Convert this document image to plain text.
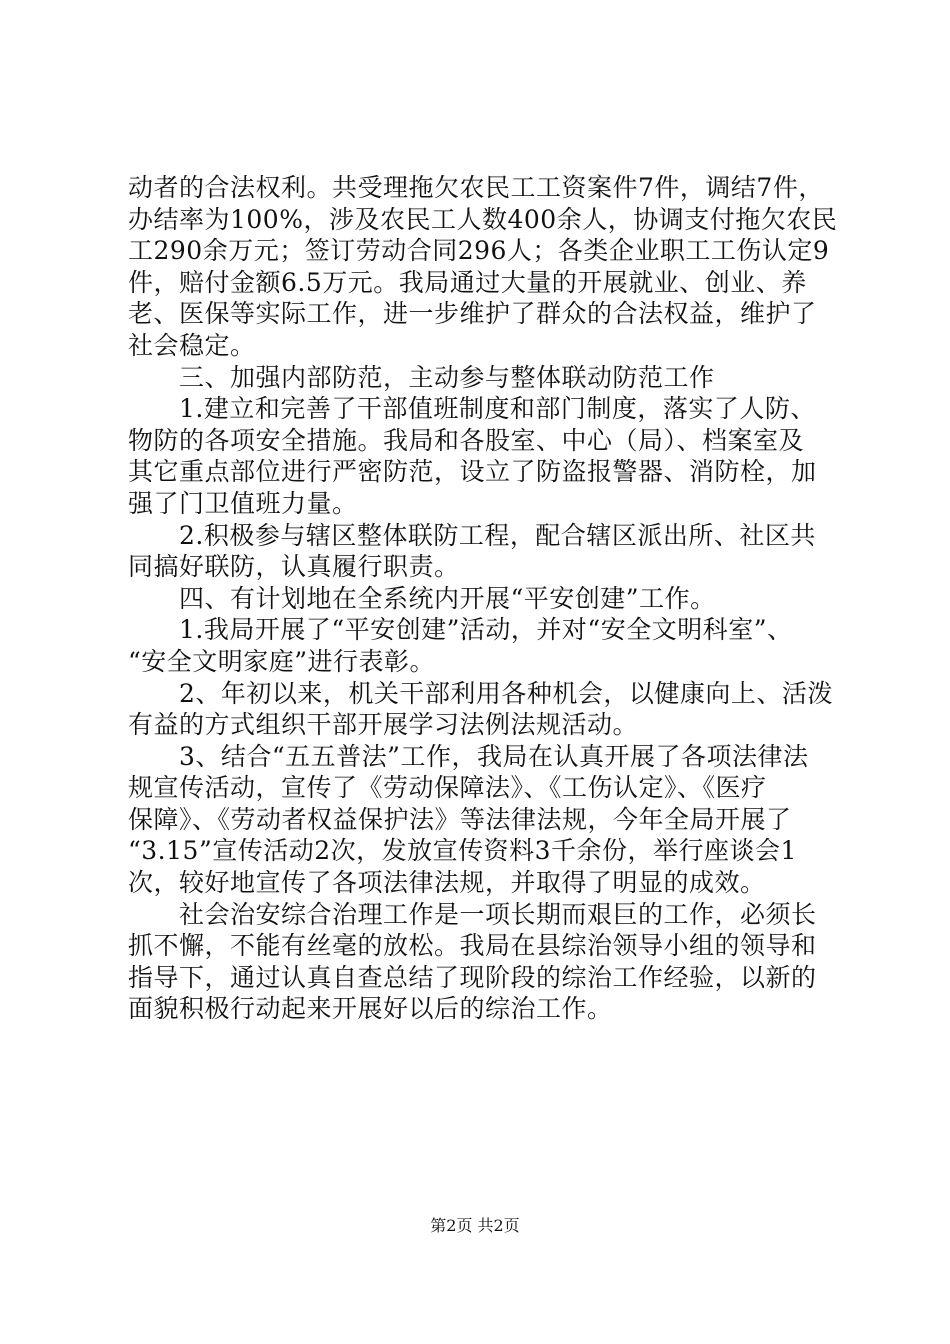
动者的合法权利。共受理拖欠农民工工资案件7件，调结7件，
办结率为100%，涉及农民工人数400余人，协调支付拖欠农民
工290余万元；签订劳动合同296人；各类企业职工工伤认定9
件，赔付金额6.5万元。我局通过大量的开展就业、创业、养
老、医保等实际工作，进一步维护了群众的合法权益，维护了
社会稳定。
　　三、加强内部防范，主动参与整体联动防范工作
　　1.建立和完善了干部值班制度和部门制度，落实了人防、
物防的各项安全措施。我局和各股室、中心（局）、档案室及
其它重点部位进行严密防范，设立了防盗报警器、消防栓，加
强了门卫值班力量。
　　2.积极参与辖区整体联防工程，配合辖区派出所、社区共
同搞好联防，认真履行职责。
　　四、有计划地在全系统内开展“平安创建”工作。
　　1.我局开展了“平安创建”活动，并对“安全文明科室”、
“安全文明家庭”进行表彰。
　　2、年初以来，机关干部利用各种机会，以健康向上、活泼
有益的方式组织干部开展学习法例法规活动。
　　3、结合“五五普法”工作，我局在认真开展了各项法律法
规宣传活动，宣传了《劳动保障法》、《工伤认定》、《医疗
保障》、《劳动者权益保护法》等法律法规，今年全局开展了
“3.15”宣传活动2次，发放宣传资料3千余份，举行座谈会1
次，较好地宣传了各项法律法规，并取得了明显的成效。
　　社会治安综合治理工作是一项长期而艰巨的工作，必须长
抓不懈，不能有丝毫的放松。我局在县综治领导小组的领导和
指导下，通过认真自查总结了现阶段的综治工作经验，以新的
面貌积极行动起来开展好以后的综治工作。
第2页 共2页
